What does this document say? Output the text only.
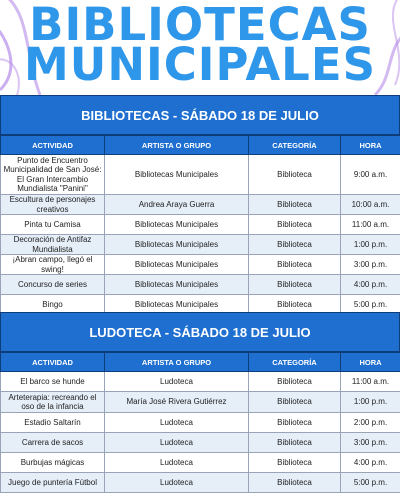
BIBLIOTECAS
MUNICIPALES
BIBLIOTECAS - SÁBADO 18 DE JULIO
ACTIVIDAD	ARTISTA O GRUPO	CATEGORÍA	HORA
Punto de Encuentro Municipalidad de San José: El Gran Intercambio Mundialista "Panini"	Bibliotecas Municipales	Biblioteca	9:00 a.m.
Escultura de personajes creativos	Andrea Araya Guerra	Biblioteca	10:00 a.m.
Pinta tu Camisa	Bibliotecas Municipales	Biblioteca	11:00 a.m.
Decoración de Antifaz Mundialista	Bibliotecas Municipales	Biblioteca	1:00 p.m.
¡Abran campo, llegó el swing!	Bibliotecas Municipales	Biblioteca	3:00 p.m.
Concurso de series	Bibliotecas Municipales	Biblioteca	4:00 p.m.
Bingo	Bibliotecas Municipales	Biblioteca	5:00 p.m.
LUDOTECA - SÁBADO 18 DE JULIO
ACTIVIDAD	ARTISTA O GRUPO	CATEGORÍA	HORA
El barco se hunde	Ludoteca	Biblioteca	11:00 a.m.
Arteterapia: recreando el oso de la infancia	María José Rivera Gutiérrez	Biblioteca	1:00 p.m.
Estadio Saltarín	Ludoteca	Biblioteca	2:00 p.m.
Carrera de sacos	Ludoteca	Biblioteca	3:00 p.m.
Burbujas mágicas	Ludoteca	Biblioteca	4:00 p.m.
Juego de puntería Fútbol	Ludoteca	Biblioteca	5:00 p.m.
